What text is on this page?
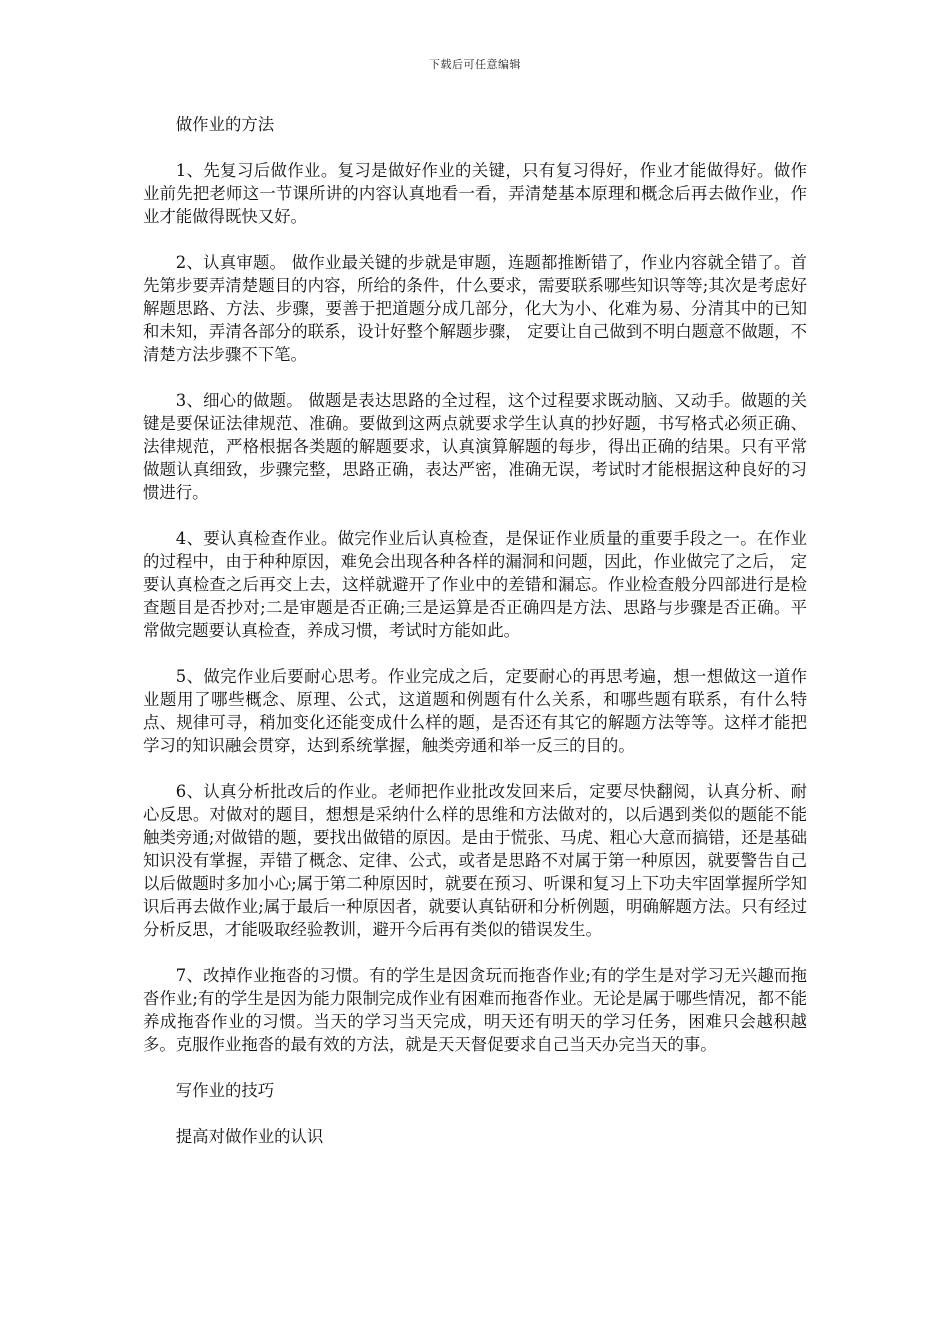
下载后可任意编辑

做作业的方法

1、先复习后做作业。复习是做好作业的关键，只有复习得好，作业才能做得好。做作业前先把老师这一节课所讲的内容认真地看一看，弄清楚基本原理和概念后再去做作业，作业才能做得既快又好。

2、认真审题。 做作业最关键的步就是审题，连题都推断错了，作业内容就全错了。首先第步要弄清楚题目的内容，所给的条件，什么要求，需要联系哪些知识等等;其次是考虑好解题思路、方法、步骤，要善于把道题分成几部分，化大为小、化难为易、分清其中的已知和未知，弄清各部分的联系，设计好整个解题步骤， 定要让自己做到不明白题意不做题，不清楚方法步骤不下笔。

3、细心的做题。 做题是表达思路的全过程，这个过程要求既动脑、又动手。做题的关键是要保证法律规范、准确。要做到这两点就要求学生认真的抄好题，书写格式必须正确、法律规范，严格根据各类题的解题要求，认真演算解题的每步，得出正确的结果。只有平常做题认真细致，步骤完整，思路正确，表达严密，准确无误，考试时才能根据这种良好的习惯进行。

4、要认真检查作业。做完作业后认真检查，是保证作业质量的重要手段之一。在作业的过程中，由于种种原因，难免会出现各种各样的漏洞和问题，因此，作业做完了之后， 定要认真检查之后再交上去，这样就避开了作业中的差错和漏忘。作业检查般分四部进行是检查题目是否抄对;二是审题是否正确;三是运算是否正确四是方法、思路与步骤是否正确。平常做完题要认真检查，养成习惯，考试时方能如此。

5、做完作业后要耐心思考。作业完成之后，定要耐心的再思考遍，想一想做这一道作业题用了哪些概念、原理、公式，这道题和例题有什么关系，和哪些题有联系，有什么特点、规律可寻，稍加变化还能变成什么样的题，是否还有其它的解题方法等等。这样才能把学习的知识融会贯穿，达到系统掌握，触类旁通和举一反三的目的。

6、认真分析批改后的作业。老师把作业批改发回来后，定要尽快翻阅，认真分析、耐心反思。对做对的题目，想想是采纳什么样的思维和方法做对的，以后遇到类似的题能不能触类旁通;对做错的题，要找出做错的原因。是由于慌张、马虎、粗心大意而搞错，还是基础知识没有掌握，弄错了概念、定律、公式，或者是思路不对属于第一种原因，就要警告自己以后做题时多加小心;属于第二种原因时，就要在预习、听课和复习上下功夫牢固掌握所学知识后再去做作业;属于最后一种原因者，就要认真钻研和分析例题，明确解题方法。只有经过分析反思，才能吸取经验教训，避开今后再有类似的错误发生。

7、改掉作业拖沓的习惯。有的学生是因贪玩而拖沓作业;有的学生是对学习无兴趣而拖沓作业;有的学生是因为能力限制完成作业有困难而拖沓作业。无论是属于哪些情况，都不能养成拖沓作业的习惯。当天的学习当天完成，明天还有明天的学习任务，困难只会越积越多。克服作业拖沓的最有效的方法，就是天天督促要求自己当天办完当天的事。

写作业的技巧

提高对做作业的认识
